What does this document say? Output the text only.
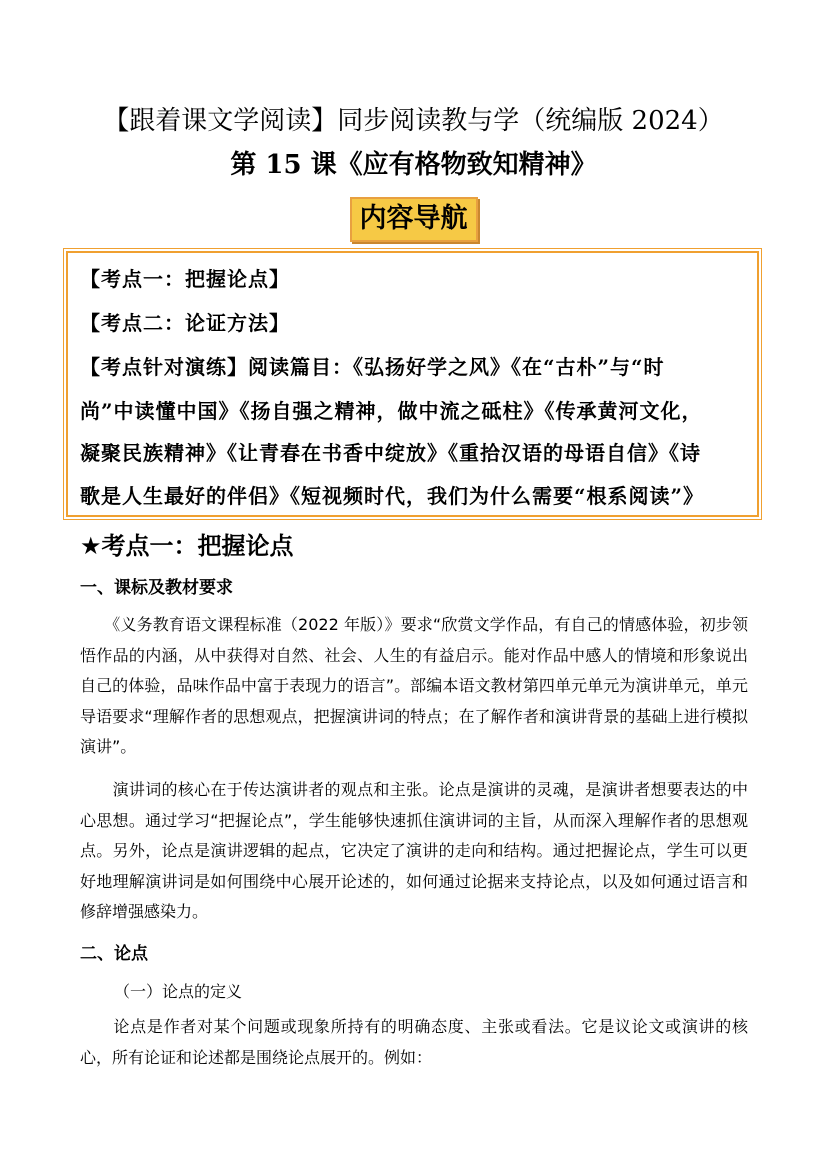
【跟着课文学阅读】同步阅读教与学（统编版 2024）
第 15 课《应有格物致知精神》
内容导航
【考点一：把握论点】
【考点二：论证方法】
【考点针对演练】阅读篇目：《弘扬好学之风》《在“古朴”与“时
尚”中读懂中国》《扬自强之精神，做中流之砥柱》《传承黄河文化，
凝聚民族精神》《让青春在书香中绽放》《重拾汉语的母语自信》《诗
歌是人生最好的伴侣》《短视频时代，我们为什么需要“根系阅读”》
★考点一：把握论点
一、课标及教材要求
　　《义务教育语文课程标准（2022 年版）》要求“欣赏文学作品，有自己的情感体验，初步领悟作品的内涵，从中获得对自然、社会、人生的有益启示。能对作品中感人的情境和形象说出自己的体验，品味作品中富于表现力的语言”。部编本语文教材第四单元单元为演讲单元，单元导语要求“理解作者的思想观点，把握演讲词的特点；在了解作者和演讲背景的基础上进行模拟演讲”。
　　演讲词的核心在于传达演讲者的观点和主张。论点是演讲的灵魂，是演讲者想要表达的中心思想。通过学习“把握论点”，学生能够快速抓住演讲词的主旨，从而深入理解作者的思想观点。另外，论点是演讲逻辑的起点，它决定了演讲的走向和结构。通过把握论点，学生可以更好地理解演讲词是如何围绕中心展开论述的，如何通过论据来支持论点，以及如何通过语言和修辞增强感染力。
二、论点
（一）论点的定义
　　论点是作者对某个问题或现象所持有的明确态度、主张或看法。它是议论文或演讲的核心，所有论证和论述都是围绕论点展开的。例如：
